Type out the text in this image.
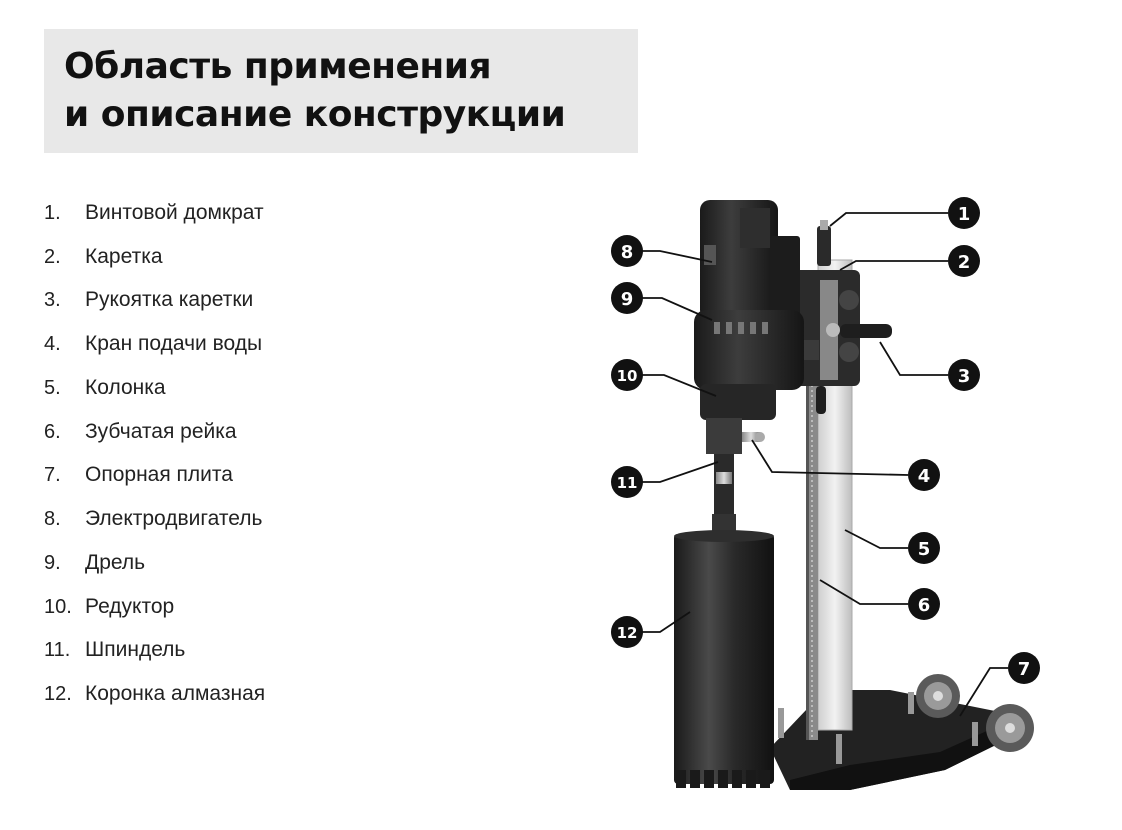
Область применения
и описание конструкции
1. Винтовой домкрат
2. Каретка
3. Рукоятка каретки
4. Кран подачи воды
5. Колонка
6. Зубчатая рейка
7. Опорная плита
8. Электродвигатель
9. Дрель
10. Редуктор
11. Шпиндель
12. Коронка алмазная
1
2
3
4
5
6
7
8
9
10
11
12
